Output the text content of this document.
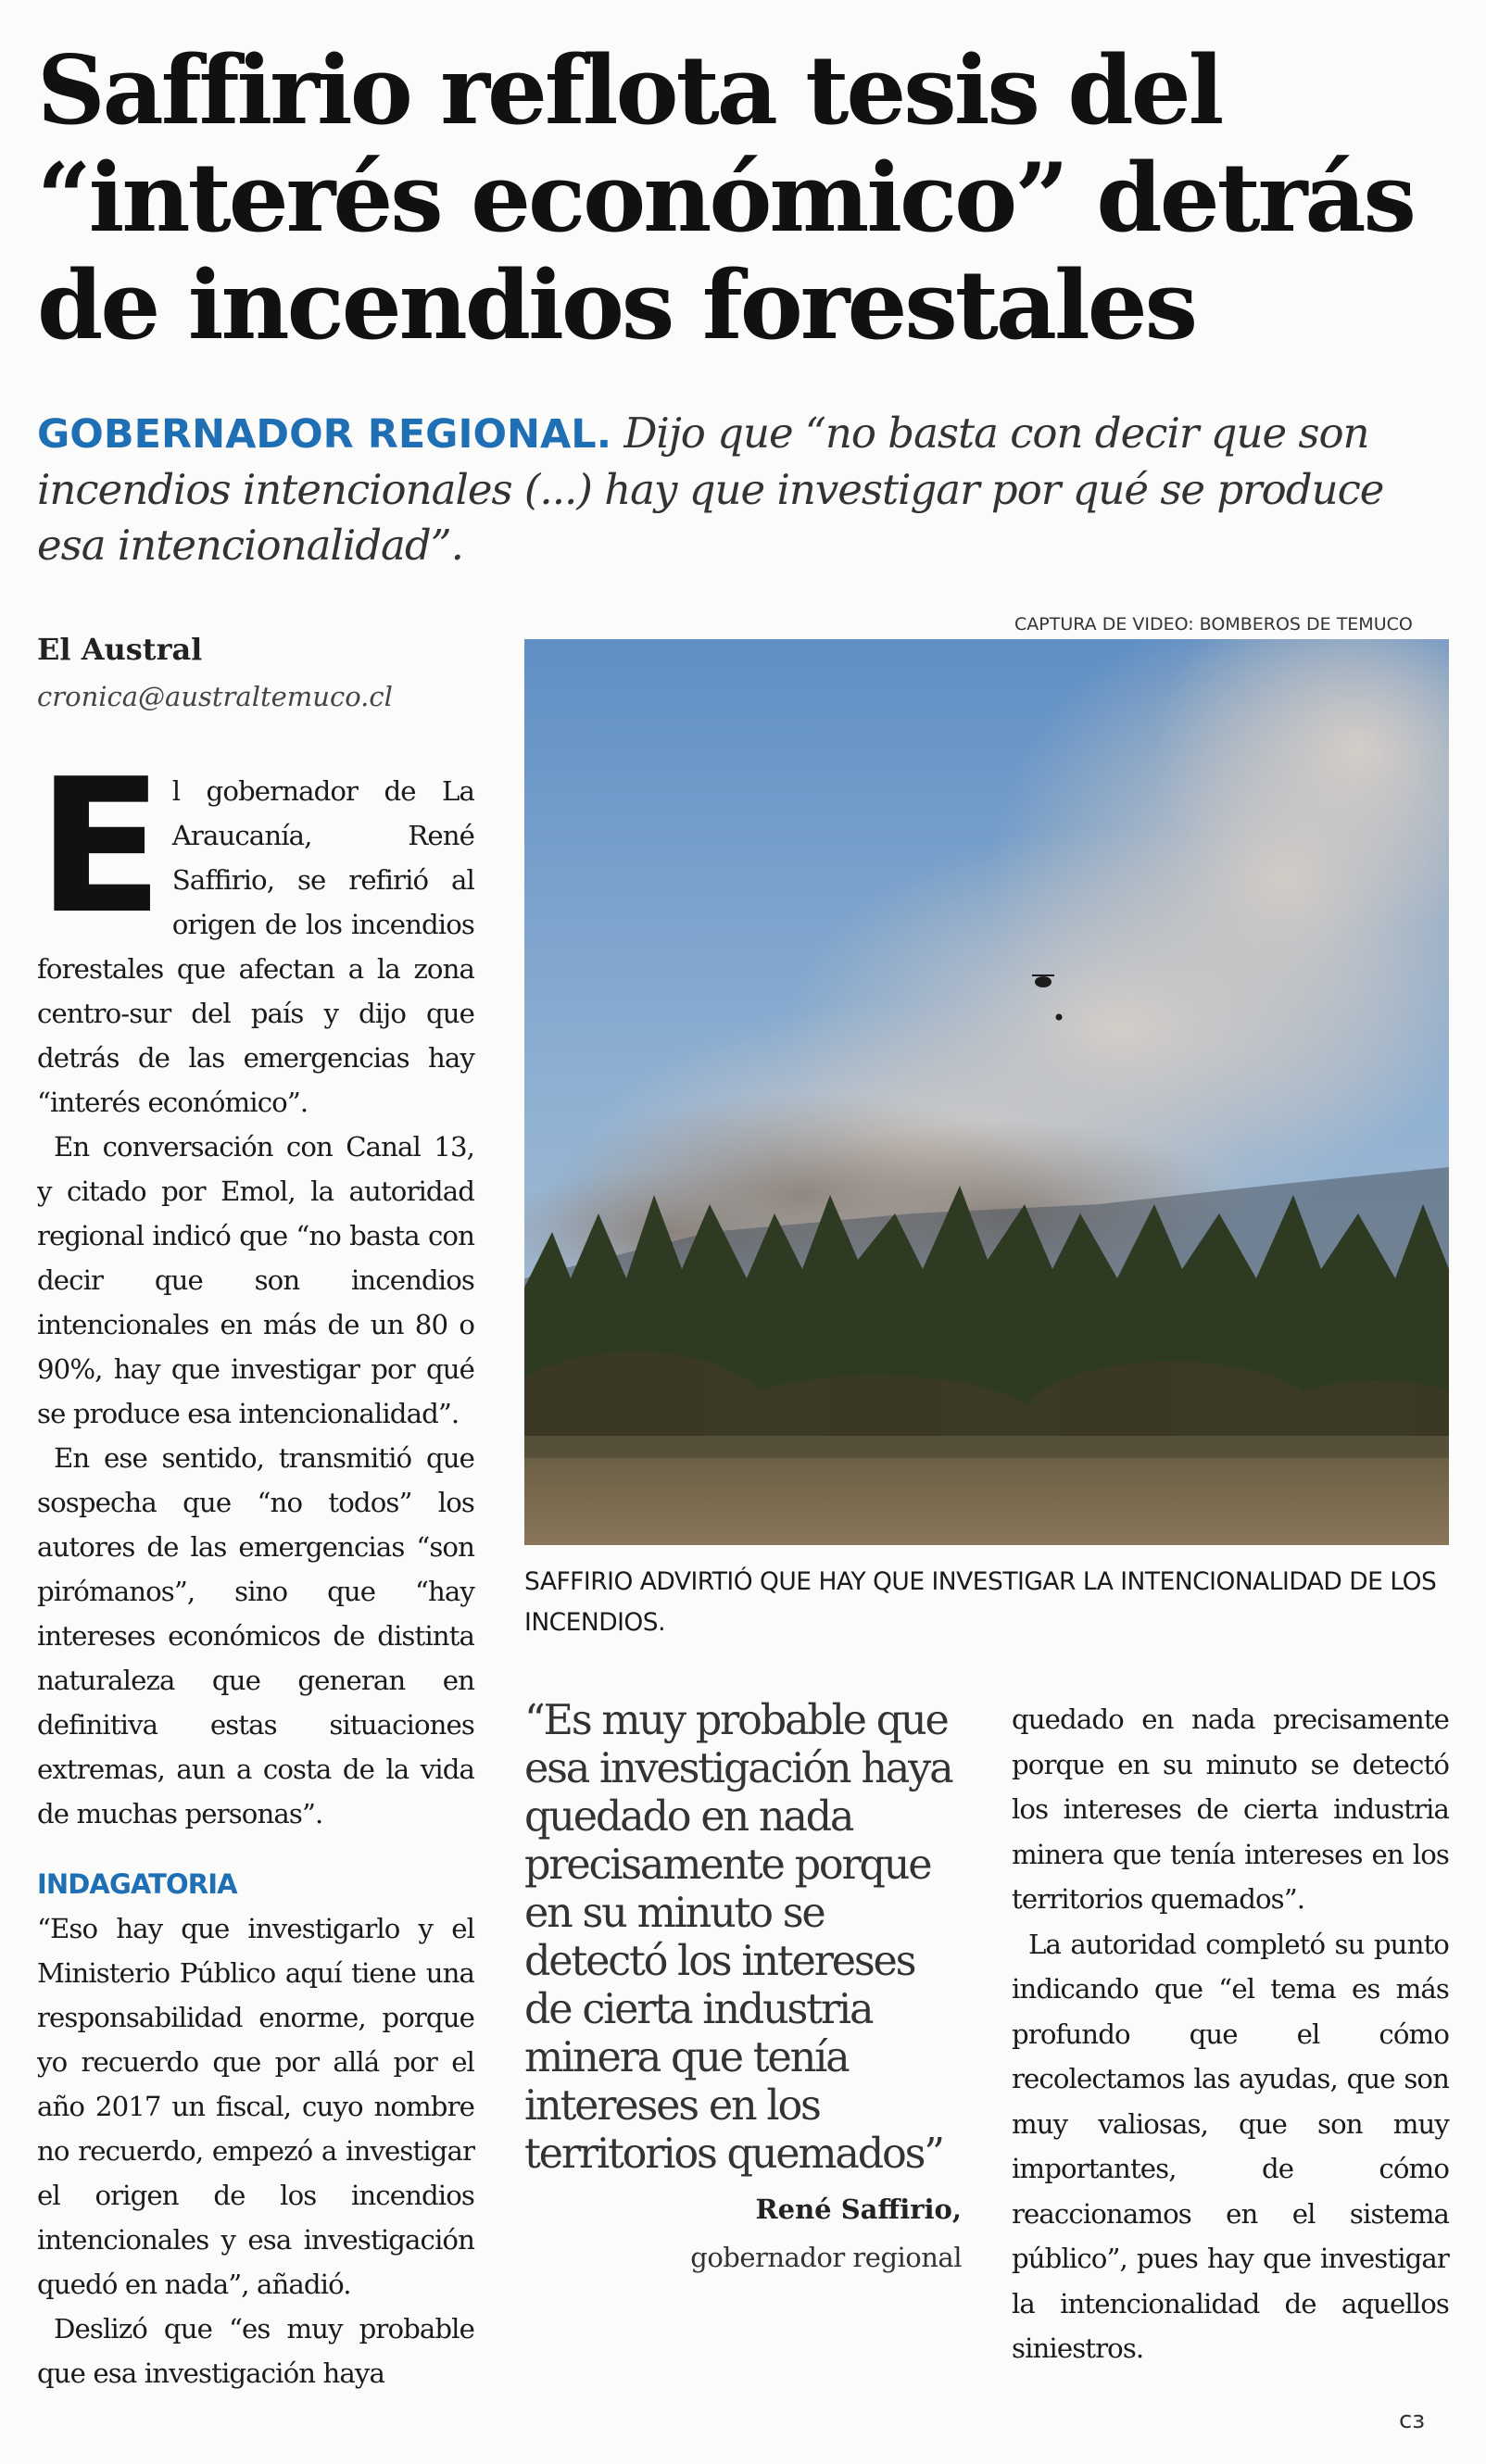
Saffirio reflota tesis del
“interés económico” detrás
de incendios forestales
GOBERNADOR REGIONAL. Dijo que “no basta con decir que son incendios intencionales (...) hay que investigar por qué se produce esa intencionalidad”.
CAPTURA DE VIDEO: BOMBEROS DE TEMUCO
El Austral
cronica@australtemuco.cl

El gobernador de La Araucanía, René Saffirio, se refirió al origen de los incendios forestales que afectan a la zona centro-sur del país y dijo que detrás de las emergencias hay “interés económico”.

En conversación con Canal 13, y citado por Emol, la autoridad regional indicó que “no basta con decir que son incendios intencionales en más de un 80 o 90%, hay que investigar por qué se produce esa intencionalidad”.

En ese sentido, transmitió que sospecha que “no todos” los autores de las emergencias “son pirómanos”, sino que “hay intereses económicos de distinta naturaleza que generan en definitiva estas situaciones extremas, aun a costa de la vida de muchas personas”.

INDAGATORIA

“Eso hay que investigarlo y el Ministerio Público aquí tiene una responsabilidad enorme, porque yo recuerdo que por allá por el año 2017 un fiscal, cuyo nombre no recuerdo, empezó a investigar el origen de los incendios intencionales y esa investigación quedó en nada”, añadió.

Deslizó que “es muy probable que esa investigación haya

SAFFIRIO ADVIRTIÓ QUE HAY QUE INVESTIGAR LA INTENCIONALIDAD DE LOS INCENDIOS.
“Es muy probable que esa investigación haya quedado en nada precisamente porque en su minuto se detectó los intereses de cierta industria minera que tenía intereses en los territorios quemados”
René Saffirio,
gobernador regional

quedado en nada precisamente porque en su minuto se detectó los intereses de cierta industria minera que tenía intereses en los territorios quemados”.

La autoridad completó su punto indicando que “el tema es más profundo que el cómo recolectamos las ayudas, que son muy valiosas, que son muy importantes, de cómo reaccionamos en el sistema público”, pues hay que investigar la intencionalidad de aquellos siniestros.

ᴄɜ
